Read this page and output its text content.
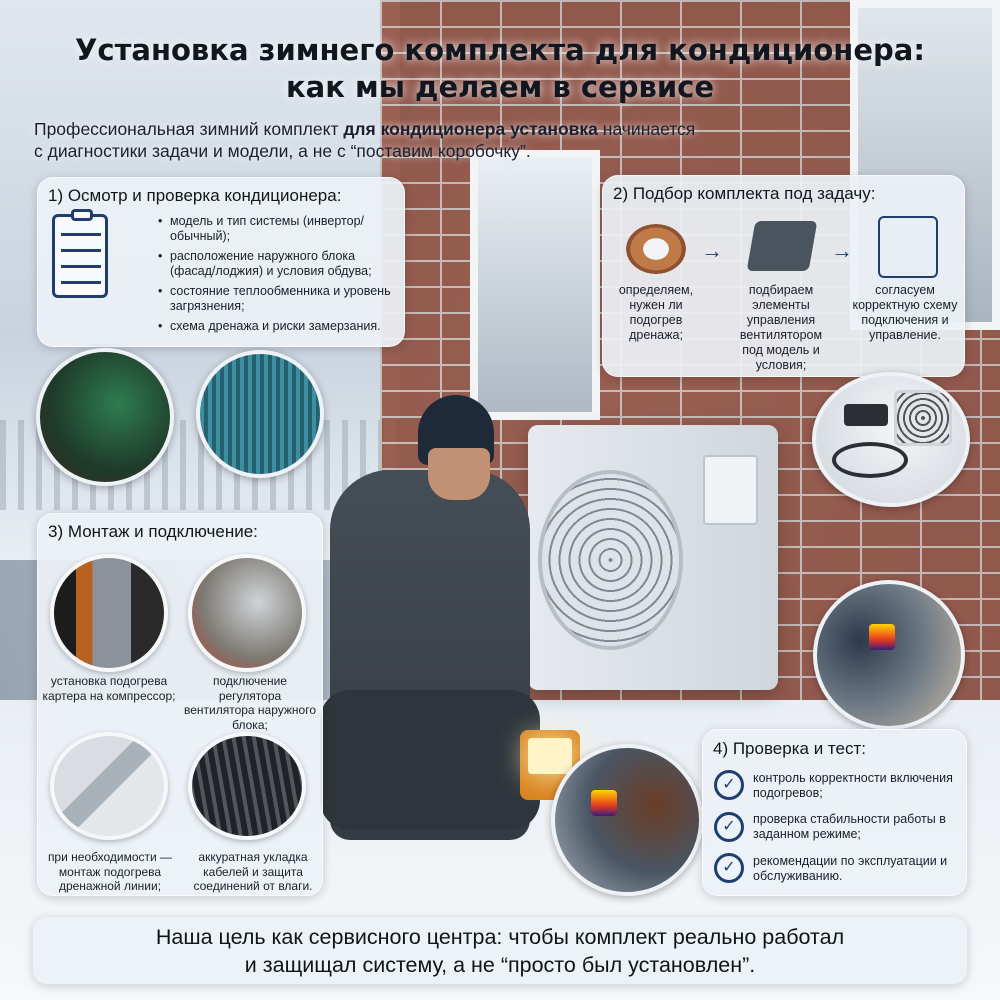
Установка зимнего комплекта для кондиционера:
как мы делаем в сервисе
Профессиональная зимний комплект для кондиционера установка начинается
с диагностики задачи и модели, а не с “поставим коробочку”.
1) Осмотр и проверка кондиционера:
• модель и тип системы (инвертор/обычный);
• расположение наружного блока (фасад/лоджия) и условия обдува;
• состояние теплообменника и уровень загрязнения;
• схема дренажа и риски замерзания.
2) Подбор комплекта под задачу:
→	→
определяем, нужен ли подогрев дренажа;
подбираем элементы управления вентилятором под модель и условия;
согласуем корректную схему подключения и управление.
3) Монтаж и подключение:
установка подогрева картера на компрессор;
подключение регулятора вентилятора наружного блока;
при необходимости — монтаж подогрева дренажной линии;
аккуратная укладка кабелей и защита соединений от влаги.
4) Проверка и тест:
✓	контроль корректности включения подогревов;
✓	проверка стабильности работы в заданном режиме;
✓	рекомендации по эксплуатации и обслуживанию.
Наша цель как сервисного центра: чтобы комплект реально работал
и защищал систему, а не “просто был установлен”.
